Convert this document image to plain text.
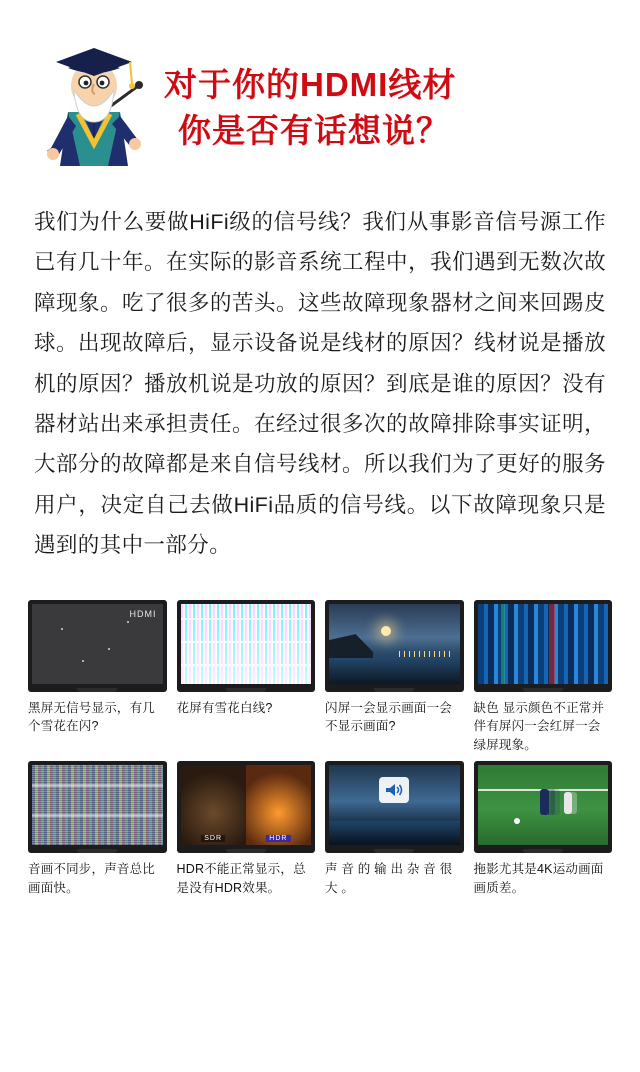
对于你的HDMI线材
你是否有话想说？
我们为什么要做HiFi级的信号线？我们从事影音信号源工作已有几十年。在实际的影音系统工程中，我们遇到无数次故障现象。吃了很多的苦头。这些故障现象器材之间来回踢皮球。出现故障后，显示设备说是线材的原因？线材说是播放机的原因？播放机说是功放的原因？到底是谁的原因？没有器材站出来承担责任。在经过很多次的故障排除事实证明，大部分的故障都是来自信号线材。所以我们为了更好的服务用户，决定自己去做HiFi品质的信号线。以下故障现象只是遇到的其中一部分。
HDMI
黑屏无信号显示，有几个雪花在闪?
花屏有雪花白线?	闪屏一会显示画面一会不显示画面?
缺色 显示颜色不正常并伴有屏闪一会红屏一会绿屏现象。
音画不同步，声音总比画面快。
SDR	HDR
HDR不能正常显示，总是没有HDR效果。
声 音 的 输 出 杂 音 很 大 。
拖影尤其是4K运动画面画质差。
